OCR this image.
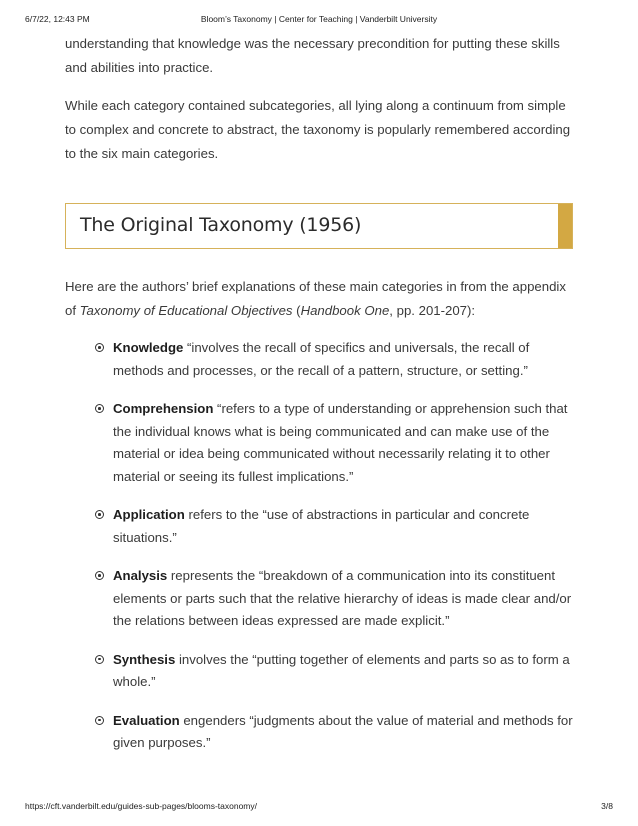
6/7/22, 12:43 PM	Bloom’s Taxonomy | Center for Teaching | Vanderbilt University

understanding that knowledge was the necessary precondition for putting these skills and abilities into practice.

While each category contained subcategories, all lying along a continuum from simple to complex and concrete to abstract, the taxonomy is popularly remembered according to the six main categories.

The Original Taxonomy (1956)

Here are the authors’ brief explanations of these main categories in from the appendix of Taxonomy of Educational Objectives (Handbook One, pp. 201-207):

Knowledge “involves the recall of specifics and universals, the recall of methods and processes, or the recall of a pattern, structure, or setting.”
Comprehension “refers to a type of understanding or apprehension such that the individual knows what is being communicated and can make use of the material or idea being communicated without necessarily relating it to other material or seeing its fullest implications.”
Application refers to the “use of abstractions in particular and concrete situations.”
Analysis represents the “breakdown of a communication into its constituent elements or parts such that the relative hierarchy of ideas is made clear and/or the relations between ideas expressed are made explicit.”
Synthesis involves the “putting together of elements and parts so as to form a whole.”
Evaluation engenders “judgments about the value of material and methods for given purposes.”
https://cft.vanderbilt.edu/guides-sub-pages/blooms-taxonomy/	3/8
